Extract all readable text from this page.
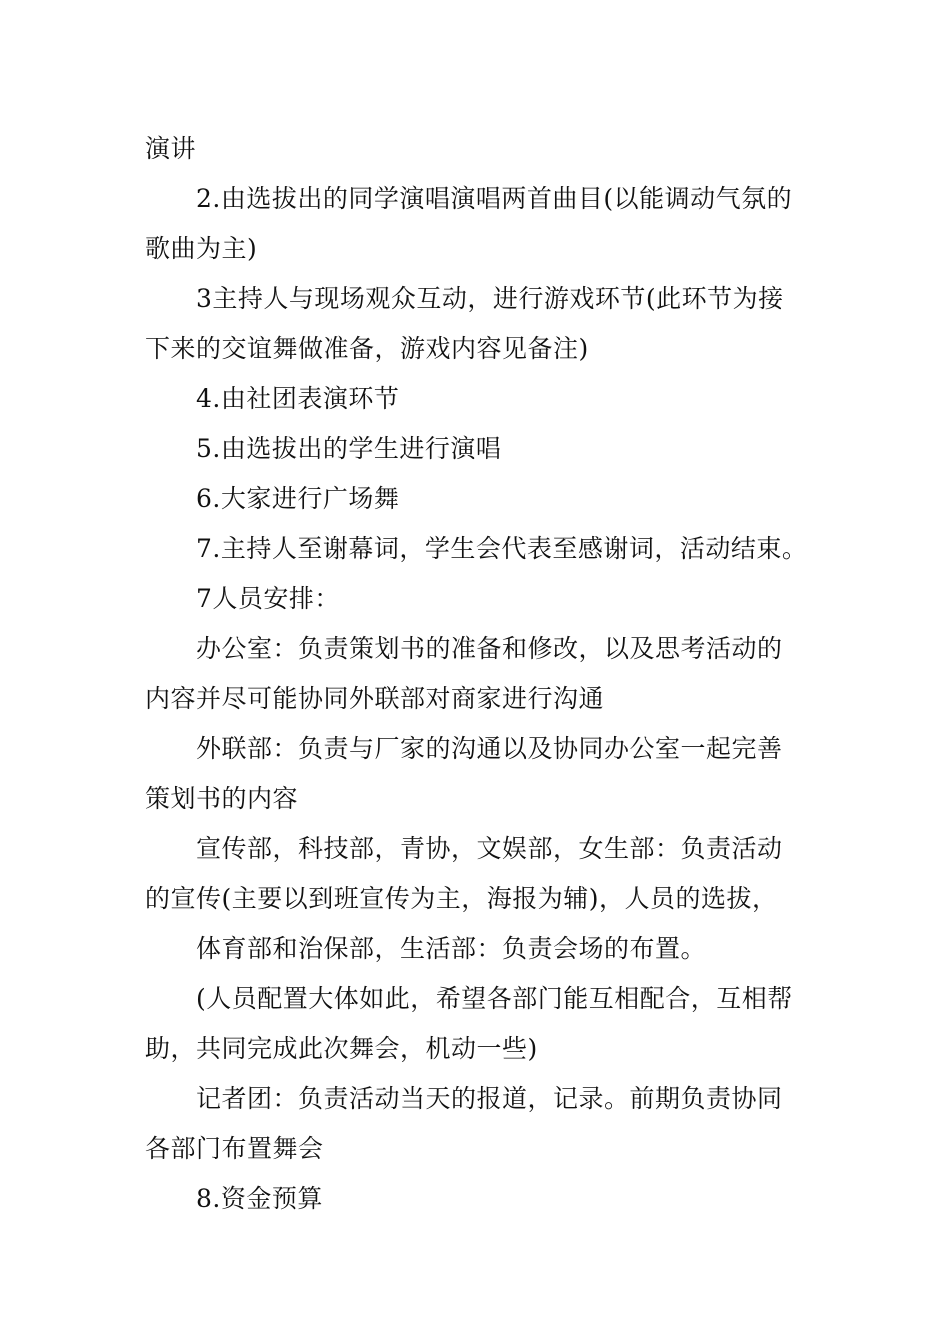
演讲
2.由选拔出的同学演唱演唱两首曲目(以能调动气氛的
歌曲为主)
3主持人与现场观众互动，进行游戏环节(此环节为接
下来的交谊舞做准备，游戏内容见备注)
4.由社团表演环节
5.由选拔出的学生进行演唱
6.大家进行广场舞
7.主持人至谢幕词，学生会代表至感谢词，活动结束。
7人员安排：
办公室：负责策划书的准备和修改，以及思考活动的
内容并尽可能协同外联部对商家进行沟通
外联部：负责与厂家的沟通以及协同办公室一起完善
策划书的内容
宣传部，科技部，青协，文娱部，女生部：负责活动
的宣传(主要以到班宣传为主，海报为辅)，人员的选拔，
体育部和治保部，生活部：负责会场的布置。
(人员配置大体如此，希望各部门能互相配合，互相帮
助，共同完成此次舞会，机动一些)
记者团：负责活动当天的报道，记录。前期负责协同
各部门布置舞会
8.资金预算
